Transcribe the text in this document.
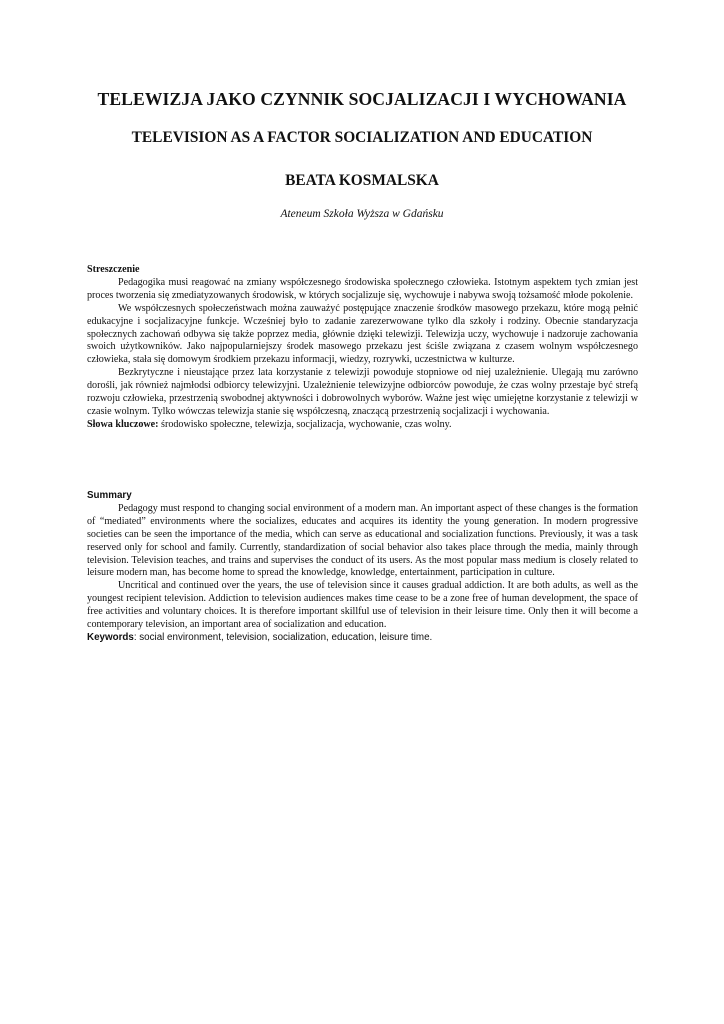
TELEWIZJA JAKO CZYNNIK SOCJALIZACJI I WYCHOWANIA
TELEVISION AS A FACTOR SOCIALIZATION AND EDUCATION
BEATA KOSMALSKA
Ateneum Szkoła Wyższa w Gdańsku

Streszczenie

Pedagogika musi reagować na zmiany współczesnego środowiska społecznego człowieka. Istotnym aspektem tych zmian jest proces tworzenia się zmediatyzowanych środowisk, w których socjalizuje się, wychowuje i nabywa swoją tożsamość młode pokolenie.

We współczesnych społeczeństwach można zauważyć postępujące znaczenie środków masowego przekazu, które mogą pełnić edukacyjne i socjalizacyjne funkcje. Wcześniej było to zadanie zarezerwowane tylko dla szkoły i rodziny. Obecnie standaryzacja społecznych zachowań odbywa się także poprzez media, głównie dzięki telewizji. Telewizja uczy, wychowuje i nadzoruje zachowania swoich użytkowników. Jako najpopularniejszy środek masowego przekazu jest ściśle związana z czasem wolnym współczesnego człowieka, stała się domowym środkiem przekazu informacji, wiedzy, rozrywki, uczestnictwa w kulturze.

Bezkrytyczne i nieustające przez lata korzystanie z telewizji powoduje stopniowe od niej uzależnienie. Ulegają mu zarówno dorośli, jak również najmłodsi odbiorcy telewizyjni. Uzależnienie telewizyjne odbiorców powoduje, że czas wolny przestaje być strefą rozwoju człowieka, przestrzenią swobodnej aktywności i dobrowolnych wyborów. Ważne jest więc umiejętne korzystanie z telewizji w czasie wolnym. Tylko wówczas telewizja stanie się współczesną, znaczącą przestrzenią socjalizacji i wychowania.

Słowa kluczowe: środowisko społeczne, telewizja, socjalizacja, wychowanie, czas wolny.

Summary

Pedagogy must respond to changing social environment of a modern man. An important aspect of these changes is the formation of “mediated” environments where the socializes, educates and acquires its identity the young generation. In modern progressive societies can be seen the importance of the media, which can serve as educational and socialization functions. Previously, it was a task reserved only for school and family. Currently, standardization of social behavior also takes place through the media, mainly through television. Television teaches, and trains and supervises the conduct of its users. As the most popular mass medium is closely related to leisure modern man, has become home to spread the knowledge, knowledge, entertainment, participation in culture.

Uncritical and continued over the years, the use of television since it causes gradual addiction. It are both adults, as well as the youngest recipient television. Addiction to television audiences makes time cease to be a zone free of human development, the space of free activities and voluntary choices. It is therefore important skillful use of television in their leisure time. Only then it will become a contemporary television, an important area of socialization and education.

Keywords: social environment, television, socialization, education, leisure time.
